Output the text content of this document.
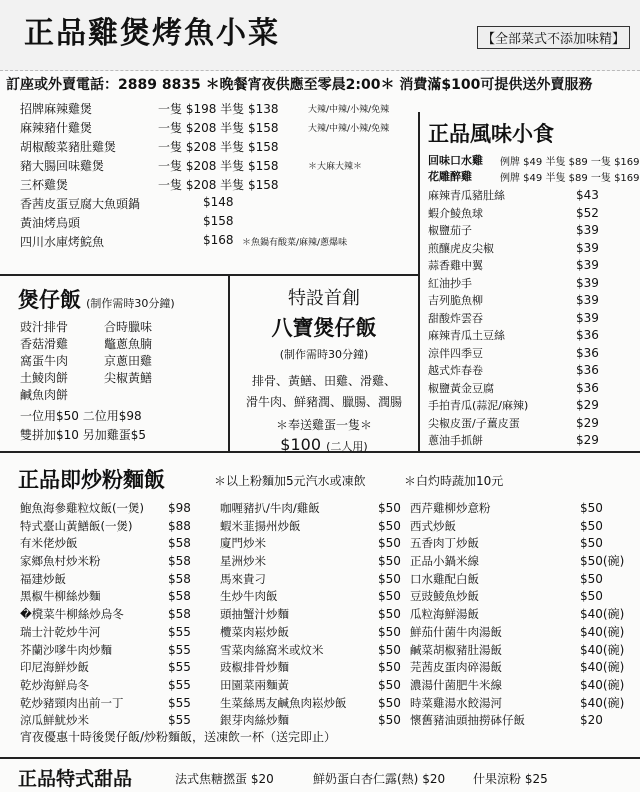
正品雞煲烤魚小菜	【全部菜式不添加味精】
訂座或外賣電話：2889 8835 ＊晚餐宵夜供應至零晨2:00＊ 消費滿$100可提供送外賣服務
招牌麻辣雞煲	一隻 $198 半隻 $138	大辣/中辣/小辣/免辣
麻辣豬什雞煲	一隻 $208 半隻 $158	大辣/中辣/小辣/免辣
胡椒酸菜豬肚雞煲	一隻 $208 半隻 $158
豬大腸回味雞煲	一隻 $208 半隻 $158	＊大麻大辣＊
三杯雞煲	一隻 $208 半隻 $158
香茜皮蛋豆腐大魚頭鍋	$148
黃油烤烏頭	$158
四川水庫烤鯇魚	$168 ＊魚鍋有酸菜/麻辣/蔥爆味
正品風味小食
回味口水雞 例牌 $49 半隻 $89 一隻 $169
花雕醉雞	例牌 $49 半隻 $89 一隻 $169
麻辣青瓜豬肚絲	$43
蝦介鯪魚球	$52
椒鹽茄子	$39
煎釀虎皮尖椒	$39
蒜香雞中翼	$39
紅油抄手	$39
吉列脆魚柳	$39
甜酸炸雲吞	$39
麻辣青瓜土豆絲	$36
涼伴四季豆	$36
越式炸春卷	$36
椒鹽黃金豆腐	$36
手拍青瓜(蒜泥/麻辣)	$29
尖椒皮蛋/子薑皮蛋	$29
蔥油手抓餅	$29
煲仔飯 (制作需時30分鐘)
豉汁排骨	合時臘味
香菇滑雞	鼈蔥魚腩
窩蛋牛肉	京蔥田雞
土鯪肉餅	尖椒黃鱔
鹹魚肉餅
一位用$50 二位用$98
雙拼加$10 另加雞蛋$5
特設首創
八寶煲仔飯
(制作需時30分鐘)
排骨、黃鱔、田雞、滑雞、
滑牛肉、鮮豬潤、臘腸、潤腸
＊奉送雞蛋一隻＊
$100 (二人用)
正品即炒粉麵飯	＊以上粉麵加5元汽水或凍飲	＊白灼時蔬加10元
鮑魚海參雞粒炆飯(一煲) $98
特式臺山黃鱔飯(一煲)	$88
有米佬炒飯	$58
家鄉魚村炒米粉	$58
福建炒飯	$58
黑椒牛柳絲炒麵	$58
�櫈菜牛柳絲炒烏冬	$58
瑞士汁乾炒牛河	$55
芥蘭沙嗲牛肉炒麵	$55
印尼海鮮炒飯	$55
乾炒海鮮烏冬	$55
乾炒豬頸肉出前一丁	$55
涼瓜鮮魷炒米	$55
咖喱豬扒/牛肉/雞飯	$50
蝦米韮揚州炒飯	$50
廈門炒米	$50
星洲炒米	$50
馬來貴刁	$50
生炒牛肉飯	$50
頭抽蟹汁炒麵	$50
欖菜肉崧炒飯	$50
雪菜肉絲窩米或炆米	$50
豉椒排骨炒麵	$50
田園菜兩麵黃	$50
生菜絲馬友鹹魚肉崧炒飯	$50
銀芽肉絲炒麵	$50
西芹雞柳炒意粉	$50
西式炒飯	$50
五香肉丁炒飯	$50
正品小鍋米線	$50(碗)
口水雞配白飯	$50
豆豉鯪魚炒飯	$50
瓜粒海鮮湯飯	$40(碗)
鮮茄什菌牛肉湯飯	$40(碗)
鹹菜胡椒豬肚湯飯	$40(碗)
芫茜皮蛋肉碎湯飯	$40(碗)
濃湯什菌肥牛米線	$40(碗)
時菜雞湯水餃湯河	$40(碗)
懷舊豬油頭抽撈砵仔飯	$20
宵夜優惠十時後煲仔飯/炒粉麵飯，送凍飲一杯（送完即止）
正品特式甜品	法式焦糖撚蛋 $20	鮮奶蛋白杏仁露(熱) $20 什果涼粉 $25
